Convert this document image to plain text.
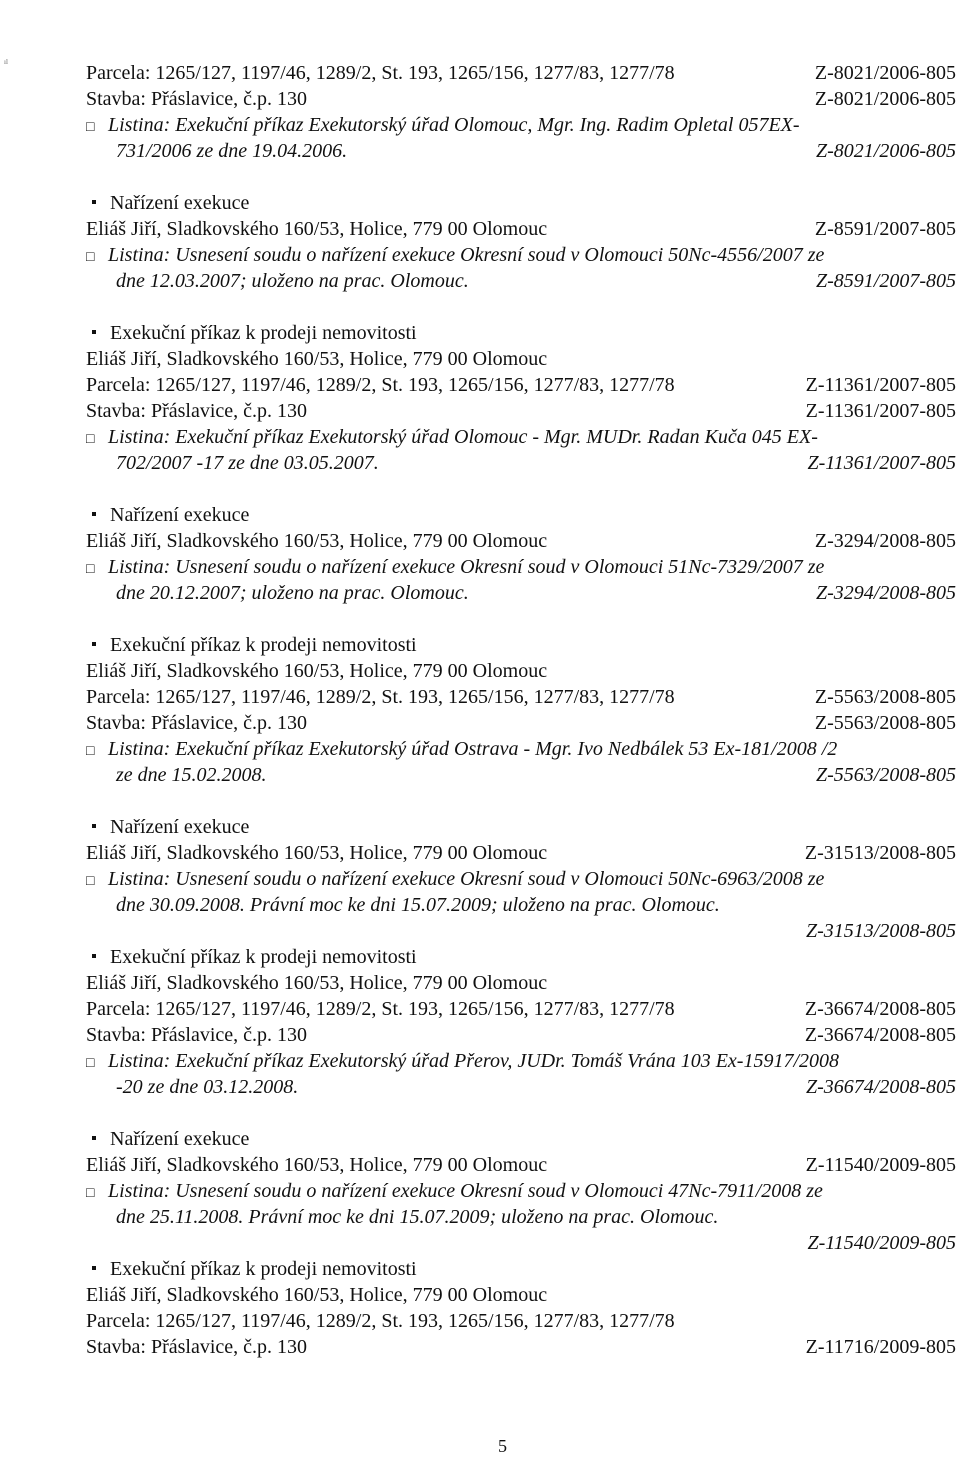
ıl	Parcela: 1265/127, 1197/46, 1289/2, St. 193, 1265/156, 1277/83, 1277/78	Z-8021/2006-805
Stavba: Přáslavice, č.p. 130	Z-8021/2006-805
□ Listina: Exekuční příkaz Exekutorský úřad Olomouc, Mgr. Ing. Radim Opletal 057EX-
731/2006 ze dne 19.04.2006.	Z-8021/2006-805
Nařízení exekuce
Eliáš Jiří, Sladkovského 160/53, Holice, 779 00 Olomouc	Z-8591/2007-805
□ Listina: Usnesení soudu o nařízení exekuce Okresní soud v Olomouci 50Nc-4556/2007 ze
dne 12.03.2007; uloženo na prac. Olomouc.	Z-8591/2007-805
Exekuční příkaz k prodeji nemovitosti
Eliáš Jiří, Sladkovského 160/53, Holice, 779 00 Olomouc
Parcela: 1265/127, 1197/46, 1289/2, St. 193, 1265/156, 1277/83, 1277/78	Z-11361/2007-805
Stavba: Přáslavice, č.p. 130	Z-11361/2007-805
□ Listina: Exekuční příkaz Exekutorský úřad Olomouc - Mgr. MUDr. Radan Kuča 045 EX-
702/2007 -17 ze dne 03.05.2007.	Z-11361/2007-805
Nařízení exekuce
Eliáš Jiří, Sladkovského 160/53, Holice, 779 00 Olomouc	Z-3294/2008-805
□ Listina: Usnesení soudu o nařízení exekuce Okresní soud v Olomouci 51Nc-7329/2007 ze
dne 20.12.2007; uloženo na prac. Olomouc.	Z-3294/2008-805
Exekuční příkaz k prodeji nemovitosti
Eliáš Jiří, Sladkovského 160/53, Holice, 779 00 Olomouc
Parcela: 1265/127, 1197/46, 1289/2, St. 193, 1265/156, 1277/83, 1277/78	Z-5563/2008-805
Stavba: Přáslavice, č.p. 130	Z-5563/2008-805
□ Listina: Exekuční příkaz Exekutorský úřad Ostrava - Mgr. Ivo Nedbálek 53 Ex-181/2008 /2
ze dne 15.02.2008.	Z-5563/2008-805
Nařízení exekuce
Eliáš Jiří, Sladkovského 160/53, Holice, 779 00 Olomouc	Z-31513/2008-805
□ Listina: Usnesení soudu o nařízení exekuce Okresní soud v Olomouci 50Nc-6963/2008 ze
dne 30.09.2008. Právní moc ke dni 15.07.2009; uloženo na prac. Olomouc.
Z-31513/2008-805
Exekuční příkaz k prodeji nemovitosti
Eliáš Jiří, Sladkovského 160/53, Holice, 779 00 Olomouc
Parcela: 1265/127, 1197/46, 1289/2, St. 193, 1265/156, 1277/83, 1277/78	Z-36674/2008-805
Stavba: Přáslavice, č.p. 130	Z-36674/2008-805
□ Listina: Exekuční příkaz Exekutorský úřad Přerov, JUDr. Tomáš Vrána 103 Ex-15917/2008
-20 ze dne 03.12.2008.	Z-36674/2008-805
Nařízení exekuce
Eliáš Jiří, Sladkovského 160/53, Holice, 779 00 Olomouc	Z-11540/2009-805
□ Listina: Usnesení soudu o nařízení exekuce Okresní soud v Olomouci 47Nc-7911/2008 ze
dne 25.11.2008. Právní moc ke dni 15.07.2009; uloženo na prac. Olomouc.
Z-11540/2009-805
Exekuční příkaz k prodeji nemovitosti
Eliáš Jiří, Sladkovského 160/53, Holice, 779 00 Olomouc
Parcela: 1265/127, 1197/46, 1289/2, St. 193, 1265/156, 1277/83, 1277/78
Stavba: Přáslavice, č.p. 130	Z-11716/2009-805
5
